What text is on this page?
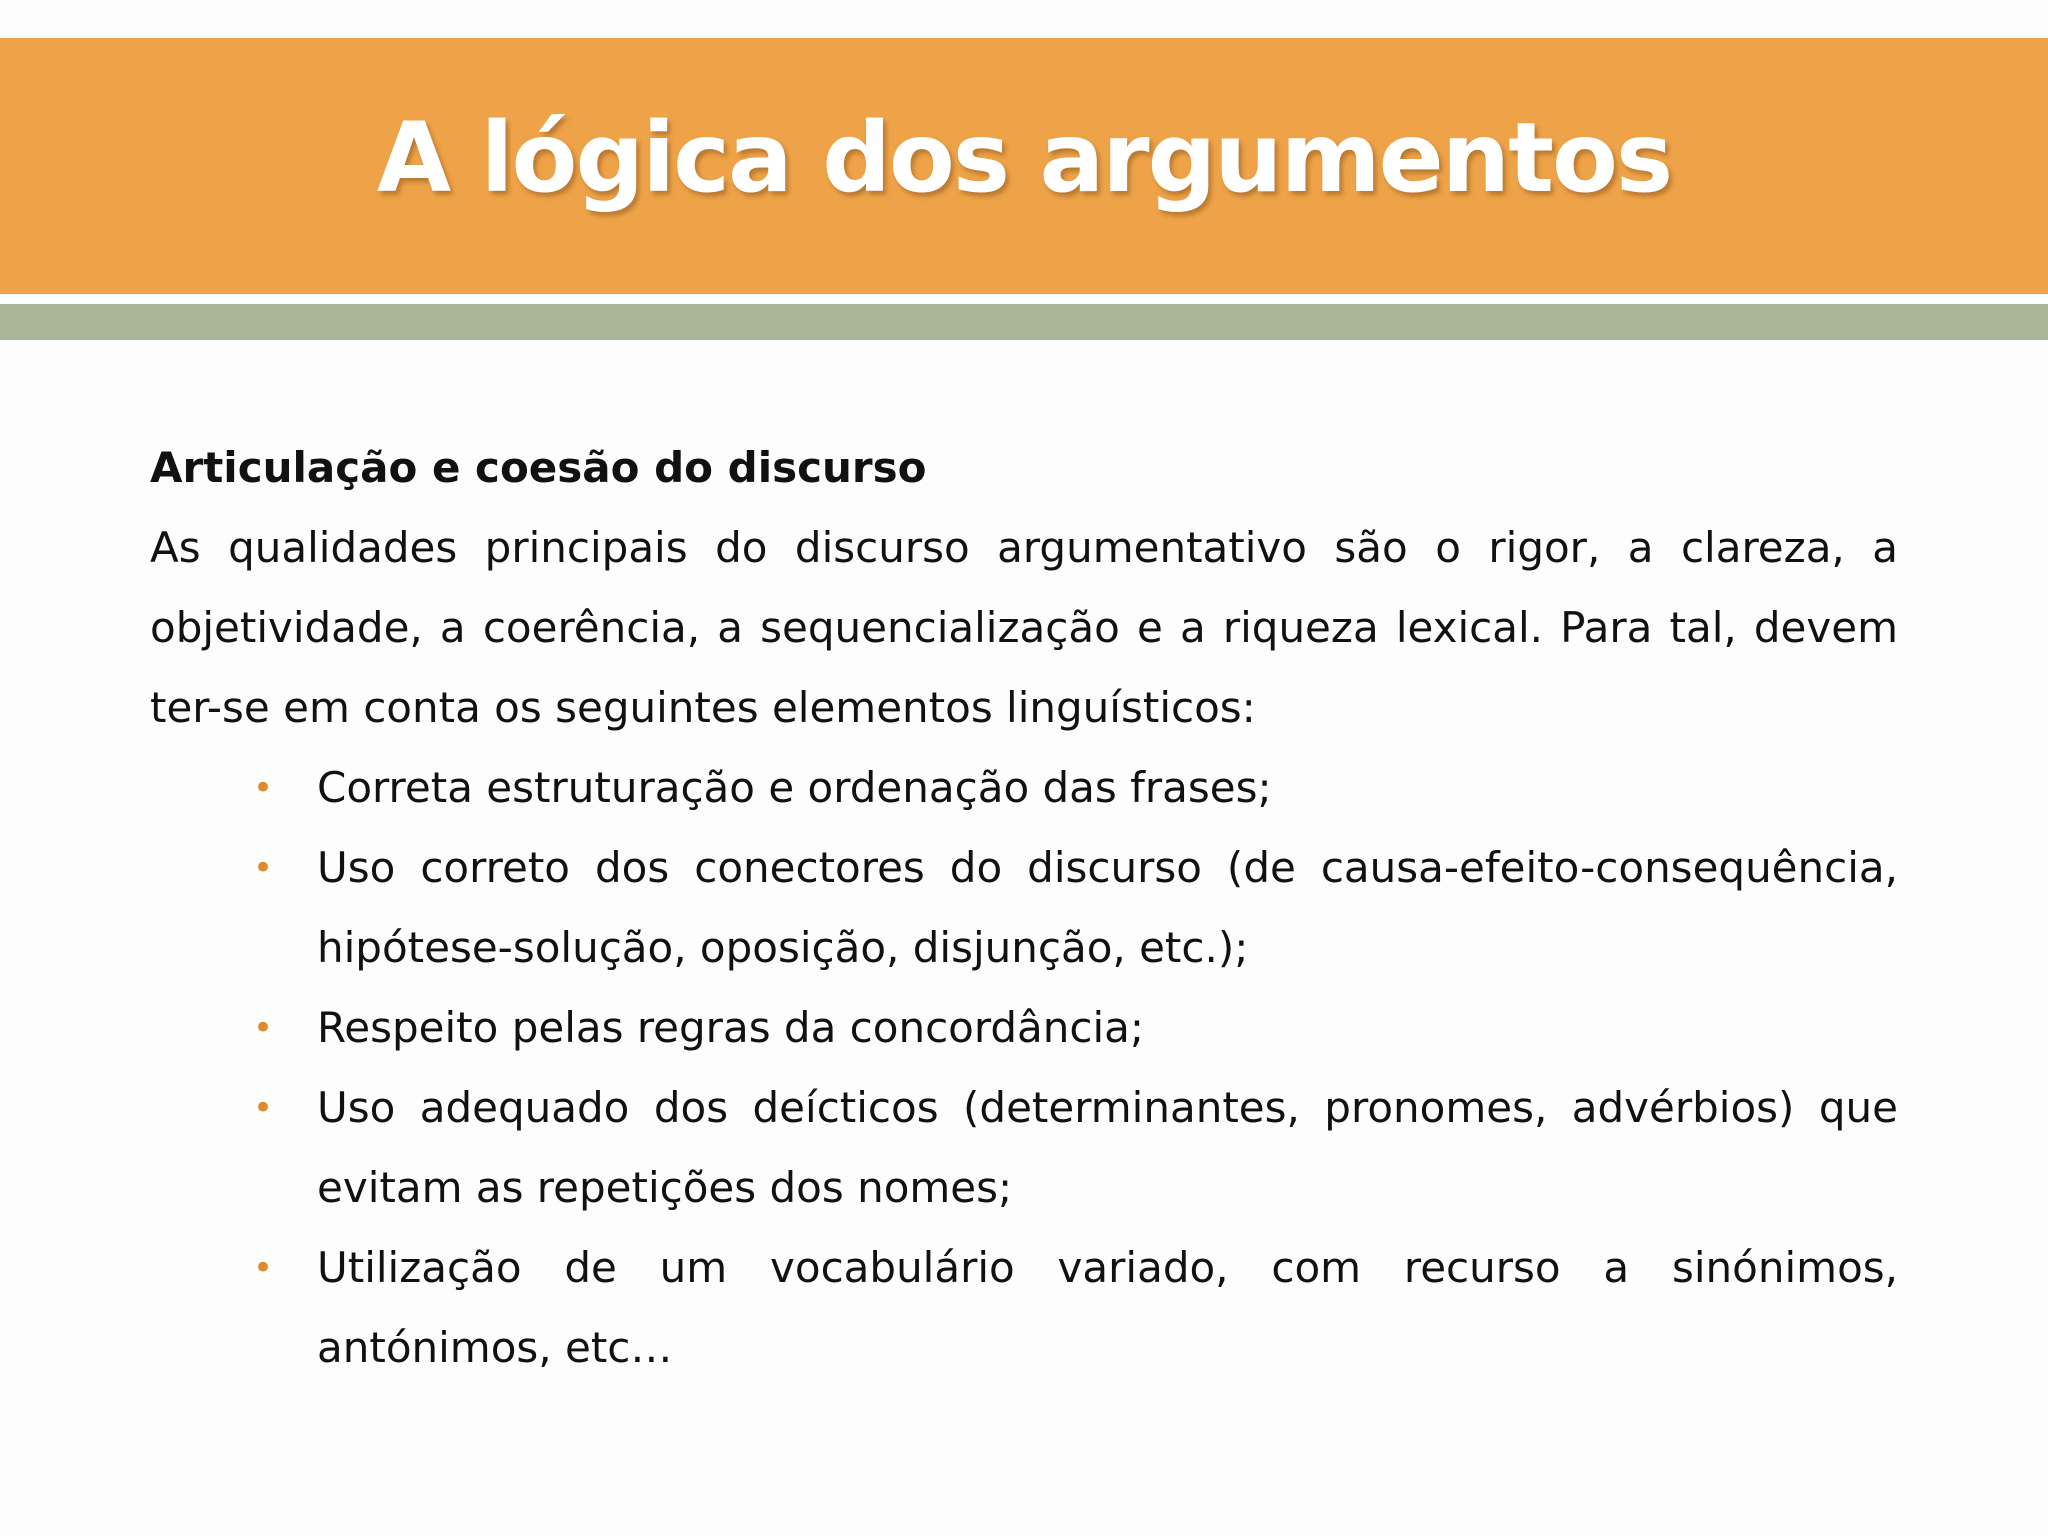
A lógica dos argumentos

Articulação e coesão do discurso

As qualidades principais do discurso argumentativo são o rigor, a clareza, a objetividade, a coerência, a sequencialização e a riqueza lexical. Para tal, devem ter-se em conta os seguintes elementos linguísticos:

• Correta estruturação e ordenação das frases;
• Uso correto dos conectores do discurso (de causa-efeito-consequência, hipótese-solução, oposição, disjunção, etc.);
• Respeito pelas regras da concordância;
• Uso adequado dos deícticos (determinantes, pronomes, advérbios) que evitam as repetições dos nomes;
• Utilização de um vocabulário variado, com recurso a sinónimos, antónimos, etc…
